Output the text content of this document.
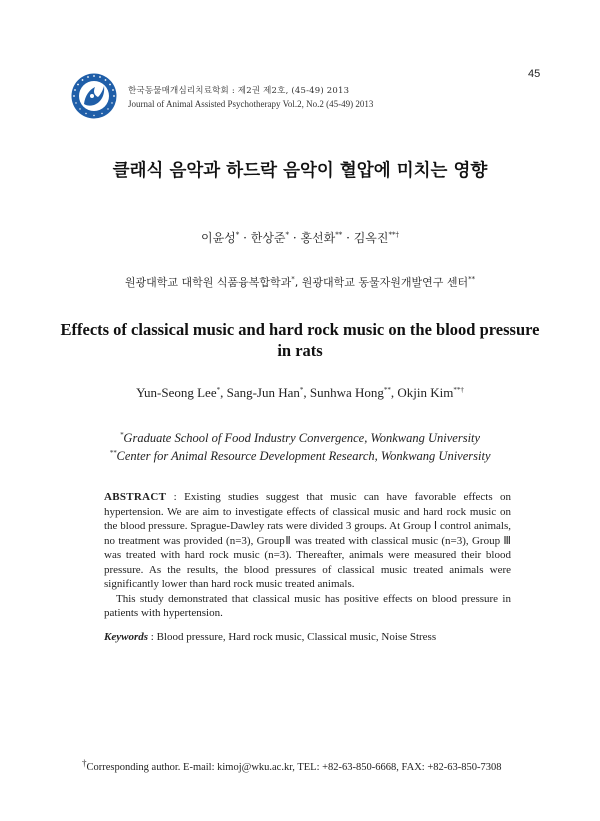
45
한국동물매개심리치료학회 : 제2권 제2호, (45-49) 2013
Journal of Animal Assisted Psychotherapy Vol.2, No.2 (45-49) 2013
클래식 음악과 하드락 음악이 혈압에 미치는 영향
이윤성* · 한상준* · 홍선화** · 김옥진**†
원광대학교 대학원 식품융복합학과*, 원광대학교 동물자원개발연구 센터**
Effects of classical music and hard rock music on the blood pressure in rats
Yun-Seong Lee*, Sang-Jun Han*, Sunhwa Hong**, Okjin Kim**†
*Graduate School of Food Industry Convergence, Wonkwang University
**Center for Animal Resource Development Research, Wonkwang University

ABSTRACT : Existing studies suggest that music can have favorable effects on hypertension. We are aim to investigate effects of classical music and hard rock music on the blood pressure. Sprague-Dawley rats were divided 3 groups. At Group Ⅰ control animals, no treatment was provided (n=3), GroupⅡ was treated with classical music (n=3), Group Ⅲ was treated with hard rock music (n=3). Thereafter, animals were measured their blood pressure. As the results, the blood pressures of classical music treated animals were significantly lower than hard rock music treated animals.

This study demonstrated that classical music has positive effects on blood pressure in patients with hypertension.

Keywords : Blood pressure, Hard rock music, Classical music, Noise Stress
†Corresponding author. E-mail: kimoj@wku.ac.kr, TEL: +82-63-850-6668, FAX: +82-63-850-7308
